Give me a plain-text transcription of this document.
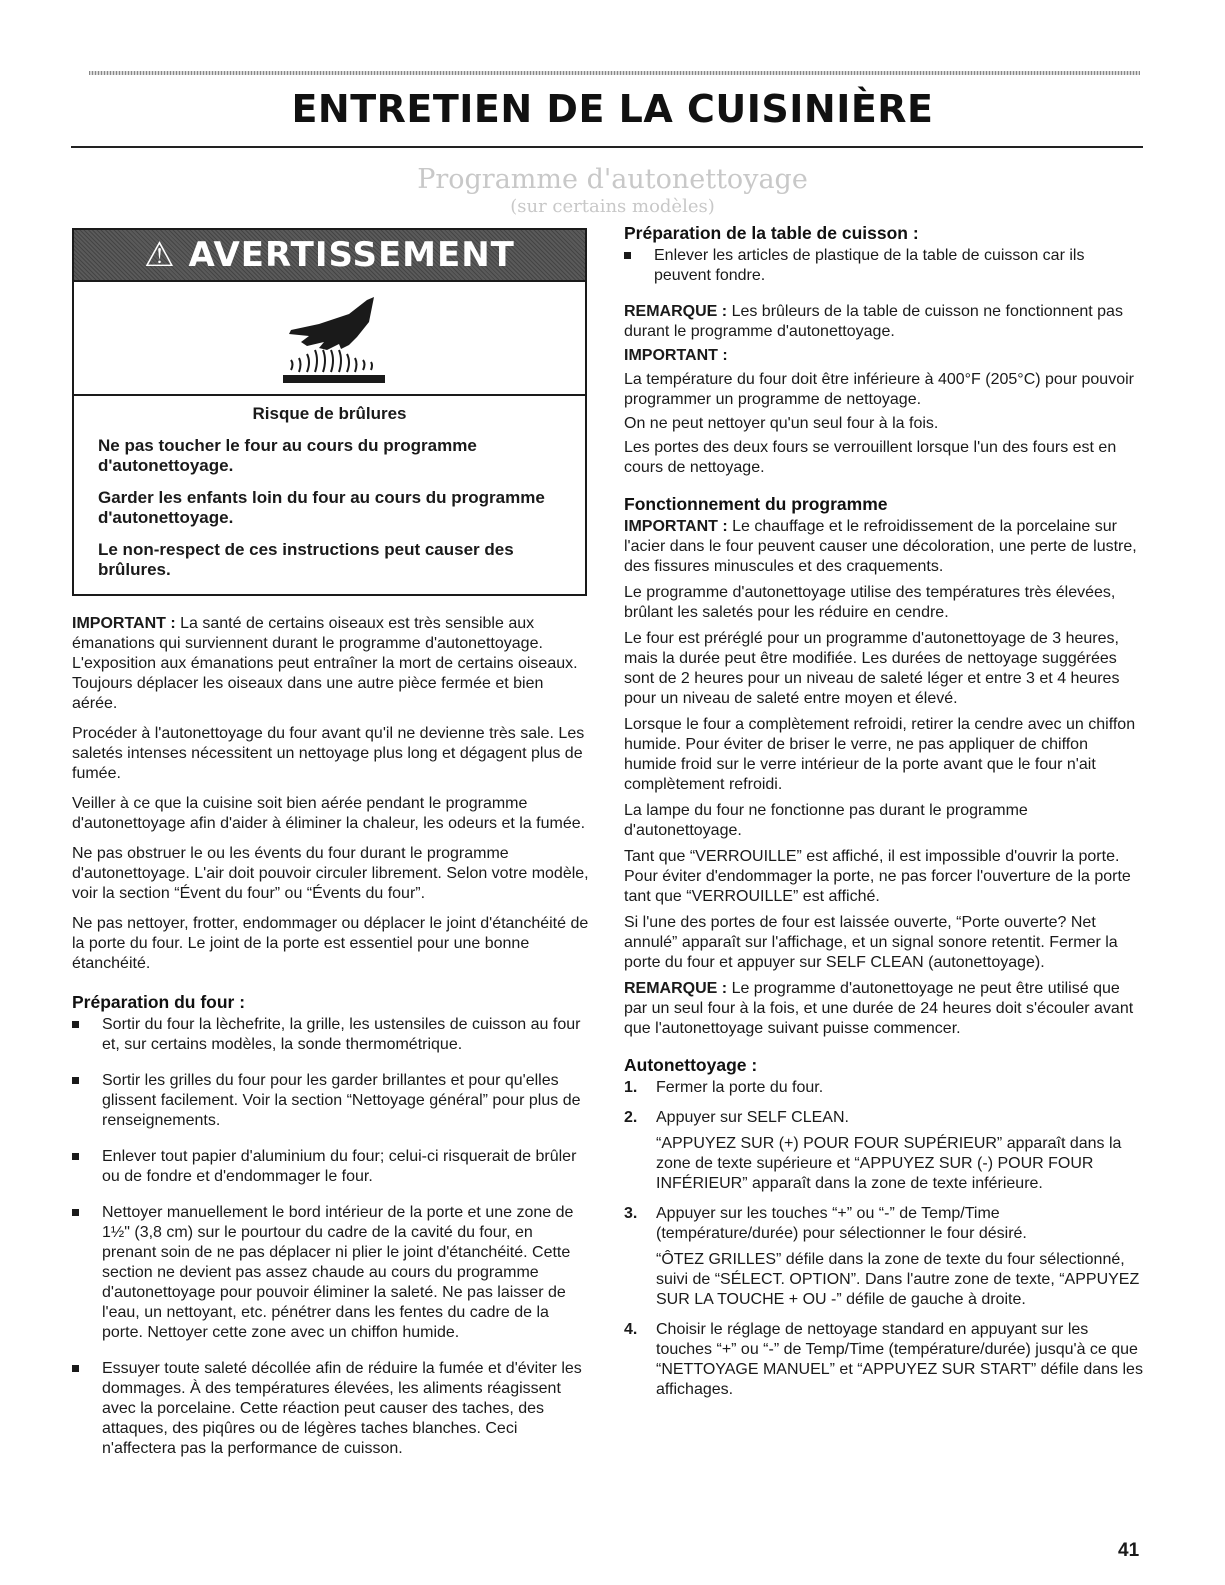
ENTRETIEN DE LA CUISINIÈRE
Programme d'autonettoyage
(sur certains modèles)
⚠ AVERTISSEMENT
Risque de brûlures
Ne pas toucher le four au cours du programme d'autonettoyage.
Garder les enfants loin du four au cours du programme d'autonettoyage.
Le non-respect de ces instructions peut causer des brûlures.

IMPORTANT : La santé de certains oiseaux est très sensible aux émanations qui surviennent durant le programme d'autonettoyage. L'exposition aux émanations peut entraîner la mort de certains oiseaux. Toujours déplacer les oiseaux dans une autre pièce fermée et bien aérée.

Procéder à l'autonettoyage du four avant qu'il ne devienne très sale. Les saletés intenses nécessitent un nettoyage plus long et dégagent plus de fumée.

Veiller à ce que la cuisine soit bien aérée pendant le programme d'autonettoyage afin d'aider à éliminer la chaleur, les odeurs et la fumée.

Ne pas obstruer le ou les évents du four durant le programme d'autonettoyage. L'air doit pouvoir circuler librement. Selon votre modèle, voir la section “Évent du four” ou “Évents du four”.

Ne pas nettoyer, frotter, endommager ou déplacer le joint d'étanchéité de la porte du four. Le joint de la porte est essentiel pour une bonne étanchéité.

Préparation du four :
Sortir du four la lèchefrite, la grille, les ustensiles de cuisson au four et, sur certains modèles, la sonde thermométrique.
Sortir les grilles du four pour les garder brillantes et pour qu'elles glissent facilement. Voir la section “Nettoyage général” pour plus de renseignements.
Enlever tout papier d'aluminium du four; celui-ci risquerait de brûler ou de fondre et d'endommager le four.
Nettoyer manuellement le bord intérieur de la porte et une zone de 1½" (3,8 cm) sur le pourtour du cadre de la cavité du four, en prenant soin de ne pas déplacer ni plier le joint d'étanchéité. Cette section ne devient pas assez chaude au cours du programme d'autonettoyage pour pouvoir éliminer la saleté. Ne pas laisser de l'eau, un nettoyant, etc. pénétrer dans les fentes du cadre de la porte. Nettoyer cette zone avec un chiffon humide.
Essuyer toute saleté décollée afin de réduire la fumée et d'éviter les dommages. À des températures élevées, les aliments réagissent avec la porcelaine. Cette réaction peut causer des taches, des attaques, des piqûres ou de légères taches blanches. Ceci n'affectera pas la performance de cuisson.
Préparation de la table de cuisson :
Enlever les articles de plastique de la table de cuisson car ils peuvent fondre.

REMARQUE : Les brûleurs de la table de cuisson ne fonctionnent pas durant le programme d'autonettoyage.

IMPORTANT :

La température du four doit être inférieure à 400°F (205°C) pour pouvoir programmer un programme de nettoyage.

On ne peut nettoyer qu'un seul four à la fois.

Les portes des deux fours se verrouillent lorsque l'un des fours est en cours de nettoyage.

Fonctionnement du programme

IMPORTANT : Le chauffage et le refroidissement de la porcelaine sur l'acier dans le four peuvent causer une décoloration, une perte de lustre, des fissures minuscules et des craquements.

Le programme d'autonettoyage utilise des températures très élevées, brûlant les saletés pour les réduire en cendre.

Le four est préréglé pour un programme d'autonettoyage de 3 heures, mais la durée peut être modifiée. Les durées de nettoyage suggérées sont de 2 heures pour un niveau de saleté léger et entre 3 et 4 heures pour un niveau de saleté entre moyen et élevé.

Lorsque le four a complètement refroidi, retirer la cendre avec un chiffon humide. Pour éviter de briser le verre, ne pas appliquer de chiffon humide froid sur le verre intérieur de la porte avant que le four n'ait complètement refroidi.

La lampe du four ne fonctionne pas durant le programme d'autonettoyage.

Tant que “VERROUILLE” est affiché, il est impossible d'ouvrir la porte. Pour éviter d'endommager la porte, ne pas forcer l'ouverture de la porte tant que “VERROUILLE” est affiché.

Si l'une des portes de four est laissée ouverte, “Porte ouverte? Net annulé” apparaît sur l'affichage, et un signal sonore retentit. Fermer la porte du four et appuyer sur SELF CLEAN (autonettoyage).

REMARQUE : Le programme d'autonettoyage ne peut être utilisé que par un seul four à la fois, et une durée de 24 heures doit s'écouler avant que l'autonettoyage suivant puisse commencer.

Autonettoyage :
1. Fermer la porte du four.

2. Appuyer sur SELF CLEAN.

“APPUYEZ SUR (+) POUR FOUR SUPÉRIEUR” apparaît dans la zone de texte supérieure et “APPUYEZ SUR (-) POUR FOUR INFÉRIEUR” apparaît dans la zone de texte inférieure.

3. Appuyer sur les touches “+” ou “-” de Temp/Time (température/durée) pour sélectionner le four désiré.

“ÔTEZ GRILLES” défile dans la zone de texte du four sélectionné, suivi de “SÉLECT. OPTION”. Dans l'autre zone de texte, “APPUYEZ SUR LA TOUCHE + OU -” défile de gauche à droite.

4. Choisir le réglage de nettoyage standard en appuyant sur les touches “+” ou “-” de Temp/Time (température/durée) jusqu'à ce que “NETTOYAGE MANUEL” et “APPUYEZ SUR START” défile dans les affichages.

41
